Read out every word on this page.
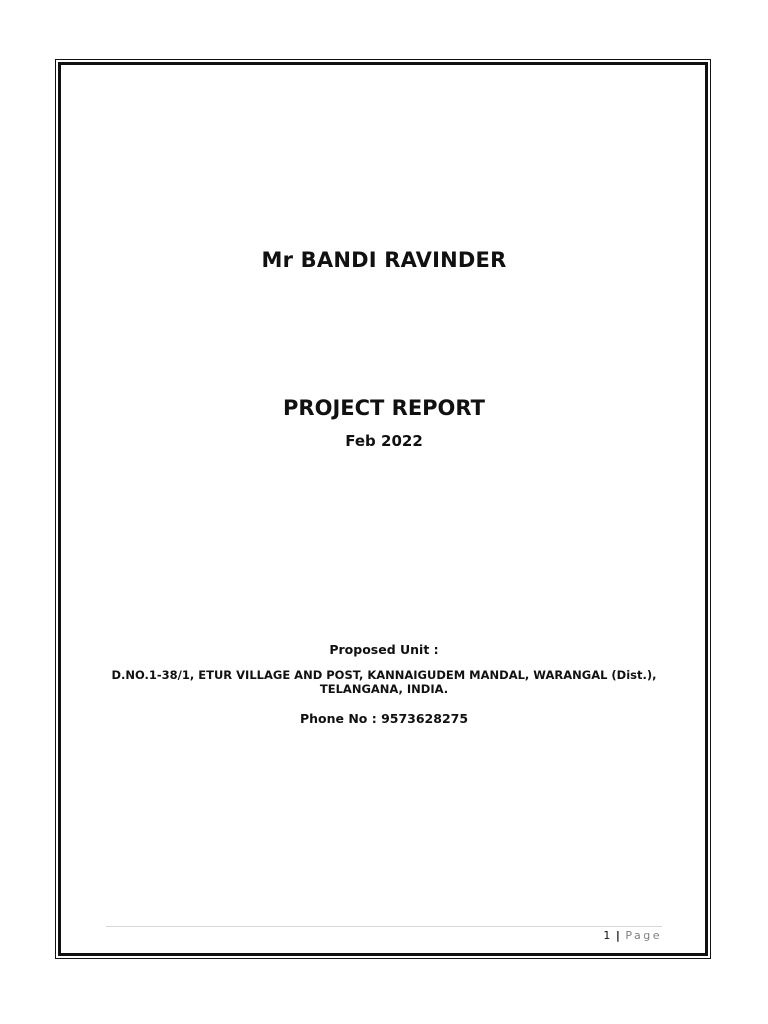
Mr BANDI RAVINDER
PROJECT REPORT
Feb 2022
Proposed Unit :
D.NO.1-38/1, ETUR VILLAGE AND POST, KANNAIGUDEM MANDAL, WARANGAL (Dist.),
TELANGANA, INDIA.
Phone No : 9573628275
1 | Page
